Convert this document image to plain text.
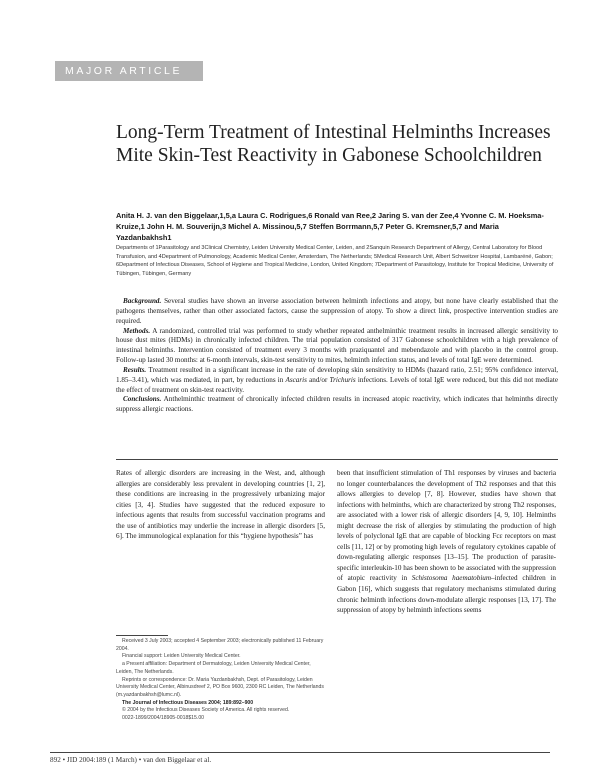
MAJOR ARTICLE
Long-Term Treatment of Intestinal Helminths Increases Mite Skin-Test Reactivity in Gabonese Schoolchildren
Anita H. J. van den Biggelaar,1,5,a Laura C. Rodrigues,6 Ronald van Ree,2 Jaring S. van der Zee,4 Yvonne C. M. Hoeksma-Kruize,1 John H. M. Souverijn,3 Michel A. Missinou,5,7 Steffen Borrmann,5,7 Peter G. Kremsner,5,7 and Maria Yazdanbakhsh1
Departments of 1Parasitology and 3Clinical Chemistry, Leiden University Medical Center, Leiden, and 2Sanquin Research Department of Allergy, Central Laboratory for Blood Transfusion, and 4Department of Pulmonology, Academic Medical Center, Amsterdam, The Netherlands; 5Medical Research Unit, Albert Schweitzer Hospital, Lambaréné, Gabon; 6Department of Infectious Diseases, School of Hygiene and Tropical Medicine, London, United Kingdom; 7Department of Parasitology, Institute for Tropical Medicine, University of Tübingen, Tübingen, Germany

Background. Several studies have shown an inverse association between helminth infections and atopy, but none have clearly established that the pathogens themselves, rather than other associated factors, cause the suppression of atopy. To show a direct link, prospective intervention studies are required.

Methods. A randomized, controlled trial was performed to study whether repeated anthelminthic treatment results in increased allergic sensitivity to house dust mites (HDMs) in chronically infected children. The trial population consisted of 317 Gabonese schoolchildren with a high prevalence of intestinal helminths. Intervention consisted of treatment every 3 months with praziquantel and mebendazole and with placebo in the control group. Follow-up lasted 30 months: at 6-month intervals, skin-test sensitivity to mites, helminth infection status, and levels of total IgE were determined.

Results. Treatment resulted in a significant increase in the rate of developing skin sensitivity to HDMs (hazard ratio, 2.51; 95% confidence interval, 1.85–3.41), which was mediated, in part, by reductions in Ascaris and/or Trichuris infections. Levels of total IgE were reduced, but this did not mediate the effect of treatment on skin-test reactivity.

Conclusions. Anthelminthic treatment of chronically infected children results in increased atopic reactivity, which indicates that helminths directly suppress allergic reactions.

Rates of allergic disorders are increasing in the West, and, although allergies are considerably less prevalent in developing countries [1, 2], these conditions are increasing in the progressively urbanizing major cities [3, 4]. Studies have suggested that the reduced exposure to infectious agents that results from successful vaccination programs and the use of antibiotics may underlie the increase in allergic disorders [5, 6]. The immunological explanation for this “hygiene hypothesis” has

been that insufficient stimulation of Th1 responses by viruses and bacteria no longer counterbalances the development of Th2 responses and that this allows allergies to develop [7, 8]. However, studies have shown that infections with helminths, which are characterized by strong Th2 responses, are associated with a lower risk of allergic disorders [4, 9, 10]. Helminths might decrease the risk of allergies by stimulating the production of high levels of polyclonal IgE that are capable of blocking Fcε receptors on mast cells [11, 12] or by promoting high levels of regulatory cytokines capable of down-regulating allergic responses [13–15]. The production of parasite-specific interleukin-10 has been shown to be associated with the suppression of atopic reactivity in Schistosoma haematobium–infected children in Gabon [16], which suggests that regulatory mechanisms stimulated during chronic helminth infections down-modulate allergic responses [13, 17]. The suppression of atopy by helminth infections seems

Received 3 July 2003; accepted 4 September 2003; electronically published 11 February 2004.

Financial support: Leiden University Medical Center.

a Present affiliation: Department of Dermatology, Leiden University Medical Center, Leiden, The Netherlands.

Reprints or correspondence: Dr. Maria Yazdanbakhsh, Dept. of Parasitology, Leiden University Medical Center, Albinusdreef 2, PO Box 9600, 2300 RC Leiden, The Netherlands (m.yazdanbakhsh@lumc.nl).

The Journal of Infectious Diseases 2004; 189:892–900

© 2004 by the Infectious Diseases Society of America. All rights reserved.

0022-1899/2004/18905-0018$15.00

892 • JID 2004:189 (1 March) • van den Biggelaar et al.
